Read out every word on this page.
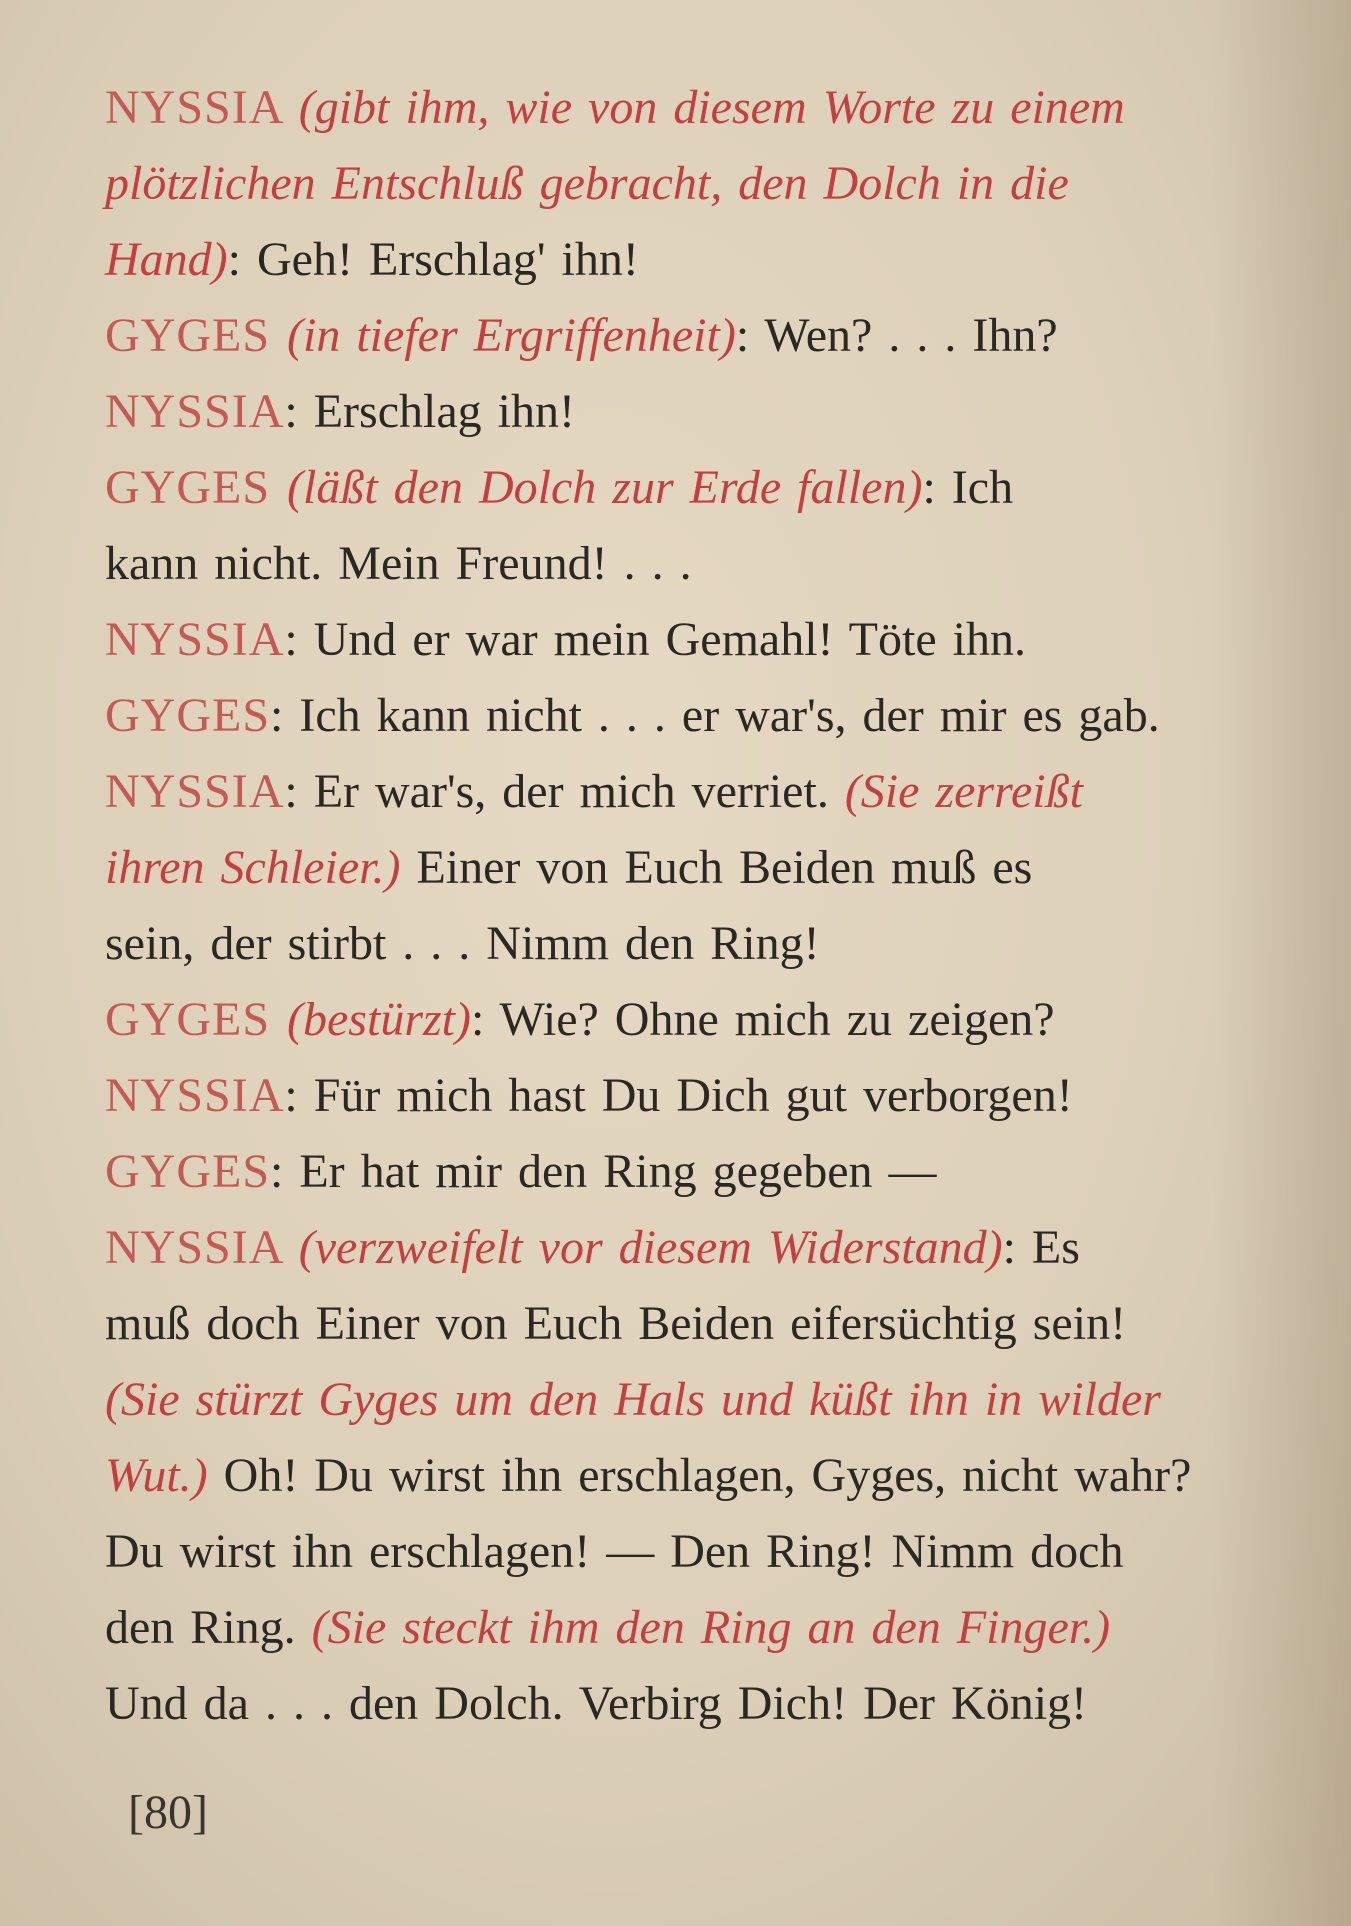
NYSSIA (gibt ihm, wie von diesem Worte zu einem
plötzlichen Entschluß gebracht, den Dolch in die
Hand): Geh! Erschlag' ihn!
GYGES (in tiefer Ergriffenheit): Wen? . . . Ihn?
NYSSIA: Erschlag ihn!
GYGES (läßt den Dolch zur Erde fallen): Ich
kann nicht. Mein Freund! . . .
NYSSIA: Und er war mein Gemahl! Töte ihn.
GYGES: Ich kann nicht . . . er war's, der mir es gab.
NYSSIA: Er war's, der mich verriet. (Sie zerreißt
ihren Schleier.) Einer von Euch Beiden muß es
sein, der stirbt . . . Nimm den Ring!
GYGES (bestürzt): Wie? Ohne mich zu zeigen?
NYSSIA: Für mich hast Du Dich gut verborgen!
GYGES: Er hat mir den Ring gegeben —
NYSSIA (verzweifelt vor diesem Widerstand): Es
muß doch Einer von Euch Beiden eifersüchtig sein!
(Sie stürzt Gyges um den Hals und küßt ihn in wilder
Wut.) Oh! Du wirst ihn erschlagen, Gyges, nicht wahr?
Du wirst ihn erschlagen! — Den Ring! Nimm doch
den Ring. (Sie steckt ihm den Ring an den Finger.)
Und da . . . den Dolch. Verbirg Dich! Der König!
[80]
